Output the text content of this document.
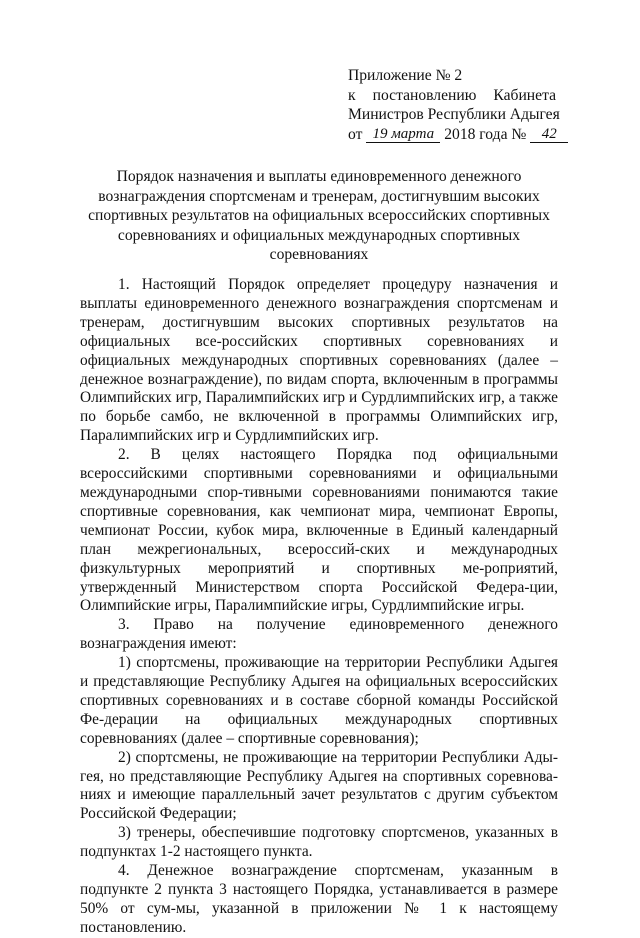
Приложение № 2
к постановлению Кабинета
Министров Республики Адыгея
от 19 марта 2018 года № 42
Порядок назначения и выплаты единовременного денежного вознаграждения спортсменам и тренерам, достигнувшим высоких спортивных результатов на официальных всероссийских спортивных соревнованиях и официальных международных спортивных соревнованиях

1. Настоящий Порядок определяет процедуру назначения и выплаты единовременного денежного вознаграждения спортсменам и тренерам, достигнувшим высоких спортивных результатов на официальных все-российских спортивных соревнованиях и официальных международных спортивных соревнованиях (далее – денежное вознаграждение), по видам спорта, включенным в программы Олимпийских игр, Паралимпийских игр и Сурдлимпийских игр, а также по борьбе самбо, не включенной в программы Олимпийских игр, Паралимпийских игр и Сурдлимпийских игр.

2. В целях настоящего Порядка под официальными всероссийскими спортивными соревнованиями и официальными международными спор-тивными соревнованиями понимаются такие спортивные соревнования, как чемпионат мира, чемпионат Европы, чемпионат России, кубок мира, включенные в Единый календарный план межрегиональных, всероссий-ских и международных физкультурных мероприятий и спортивных ме-роприятий, утвержденный Министерством спорта Российской Федера-ции, Олимпийские игры, Паралимпийские игры, Сурдлимпийские игры.

3. Право на получение единовременного денежного вознаграждения имеют:

1) спортсмены, проживающие на территории Республики Адыгея и представляющие Республику Адыгея на официальных всероссийских спортивных соревнованиях и в составе сборной команды Российской Фе-дерации на официальных международных спортивных соревнованиях (далее – спортивные соревнования);

2) спортсмены, не проживающие на территории Республики Ады-гея, но представляющие Республику Адыгея на спортивных соревнова-ниях и имеющие параллельный зачет результатов с другим субъектом Российской Федерации;

3) тренеры, обеспечившие подготовку спортсменов, указанных в подпунктах 1-2 настоящего пункта.

4. Денежное вознаграждение спортсменам, указанным в подпункте 2 пункта 3 настоящего Порядка, устанавливается в размере 50% от сум-мы, указанной в приложении № 1 к настоящему постановлению.
